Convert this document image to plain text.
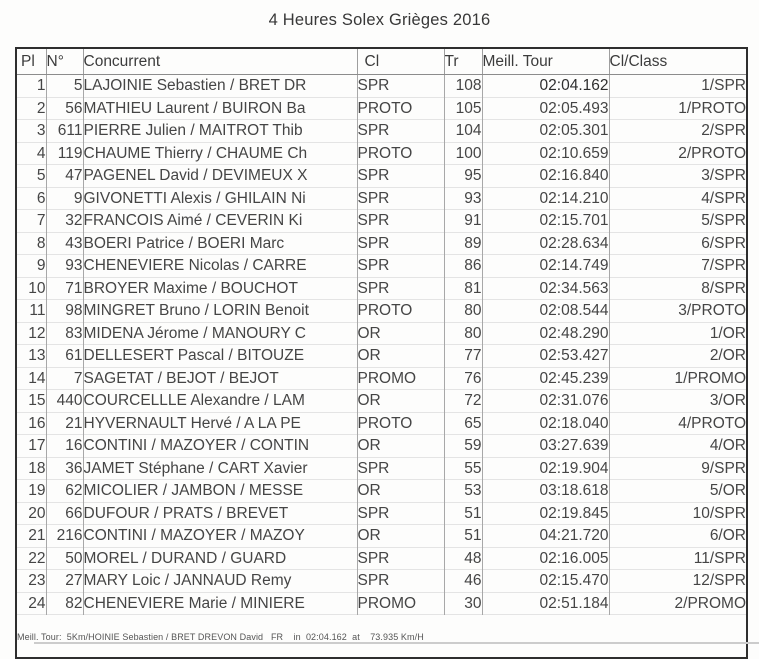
4 Heures Solex Grièges 2016
Pl	N°	Concurrent	Cl	Tr	Meill. Tour	Cl/Class
1	5	LAJOINIE Sebastien / BRET DR	SPR	108	02:04.162	1/SPR
2	56	MATHIEU Laurent / BUIRON Ba	PROTO	105	02:05.493	1/PROTO
3	611	PIERRE Julien / MAITROT Thib	SPR	104	02:05.301	2/SPR
4	119	CHAUME Thierry / CHAUME Ch	PROTO	100	02:10.659	2/PROTO
5	47	PAGENEL David / DEVIMEUX X	SPR	95	02:16.840	3/SPR
6	9	GIVONETTI Alexis / GHILAIN Ni	SPR	93	02:14.210	4/SPR
7	32	FRANCOIS Aimé / CEVERIN Ki	SPR	91	02:15.701	5/SPR
8	43	BOERI Patrice / BOERI Marc	SPR	89	02:28.634	6/SPR
9	93	CHENEVIERE Nicolas / CARRE	SPR	86	02:14.749	7/SPR
10	71	BROYER Maxime / BOUCHOT	SPR	81	02:34.563	8/SPR
11	98	MINGRET Bruno / LORIN Benoit	PROTO	80	02:08.544	3/PROTO
12	83	MIDENA Jérome / MANOURY C	OR	80	02:48.290	1/OR
13	61	DELLESERT Pascal / BITOUZE	OR	77	02:53.427	2/OR
14	7	SAGETAT / BEJOT / BEJOT	PROMO	76	02:45.239	1/PROMO
15	440	COURCELLLE Alexandre / LAM	OR	72	02:31.076	3/OR
16	21	HYVERNAULT Hervé / A LA PE	PROTO	65	02:18.040	4/PROTO
17	16	CONTINI / MAZOYER / CONTIN	OR	59	03:27.639	4/OR
18	36	JAMET Stéphane / CART Xavier	SPR	55	02:19.904	9/SPR
19	62	MICOLIER / JAMBON / MESSE	OR	53	03:18.618	5/OR
20	66	DUFOUR / PRATS / BREVET	SPR	51	02:19.845	10/SPR
21	216	CONTINI / MAZOYER / MAZOY	OR	51	04:21.720	6/OR
22	50	MOREL / DURAND / GUARD	SPR	48	02:16.005	11/SPR
23	27	MARY Loic / JANNAUD Remy	SPR	46	02:15.470	12/SPR
24	82	CHENEVIERE Marie / MINIERE	PROMO	30	02:51.184	2/PROMO
Meill. Tour:  5Km/HOINIE Sebastien / BRET DREVON David   FR    in  02:04.162  at    73.935 Km/H						
